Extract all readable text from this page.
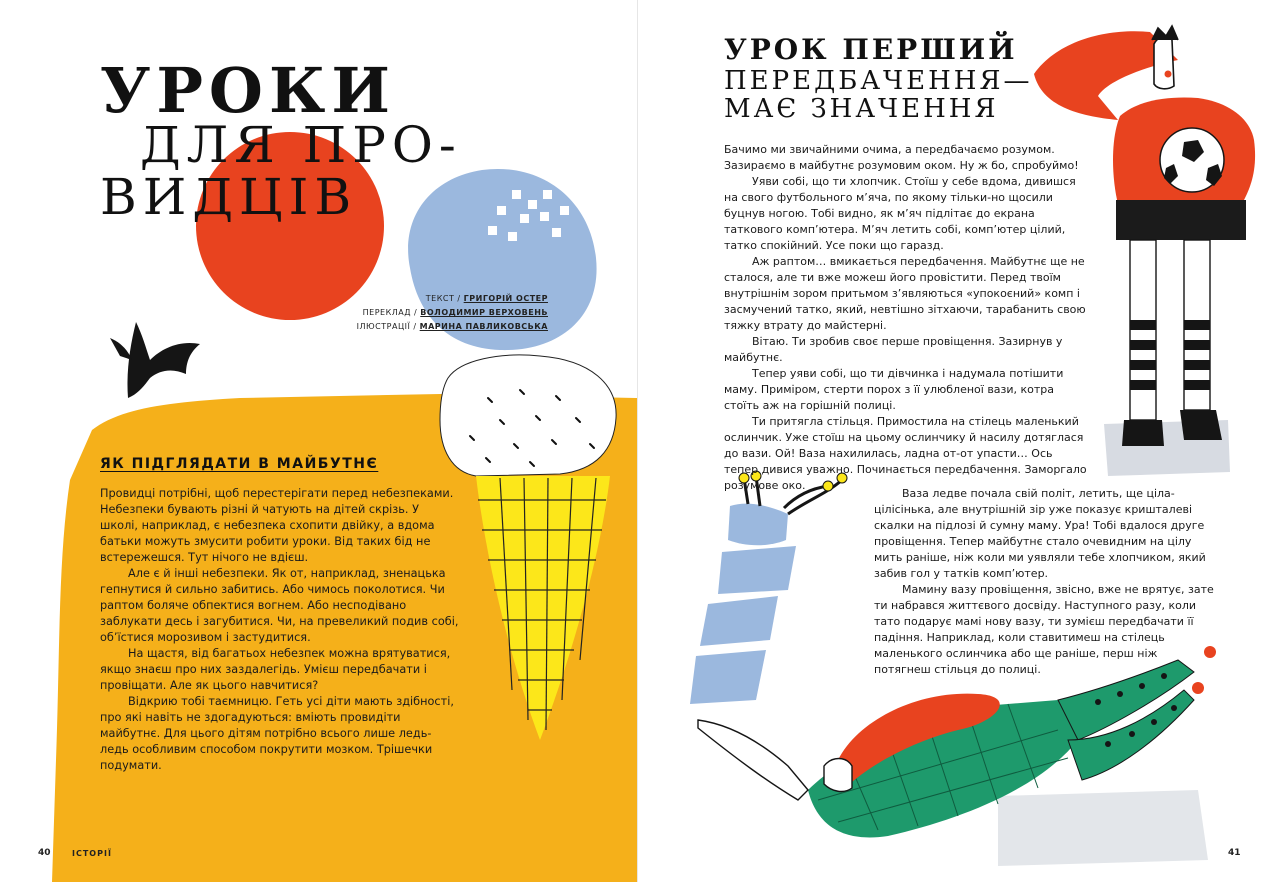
УРОКИ
ДЛЯ ПРО-
ВИДЦІВ
ТЕКСТ / ГРИГОРІЙ ОСТЕР
ПЕРЕКЛАД / ВОЛОДИМИР ВЕРХОВЕНЬ
ІЛЮСТРАЦІЇ / МАРИНА ПАВЛИКОВСЬКА
ЯК ПІДГЛЯДАТИ В МАЙБУТНЄ

Провидці потрібні, щоб перестерігати перед небезпеками. Небезпеки бувають різні й чатують на дітей скрізь. У школі, наприклад, є небезпека схопити двійку, а вдома батьки можуть змусити робити уроки. Від таких бід не встережешся. Тут нічого не вдієш.

Але є й інші небезпеки. Як от, наприклад, зненацька гепнутися й сильно забитись. Або чимось поколотися. Чи раптом боляче обпектися вогнем. Або несподівано заблукати десь і загубитися. Чи, на превеликий подив собі, об’їстися морозивом і застудитися.

На щастя, від багатьох небезпек можна врятуватися, якщо знаєш про них заздалегідь. Умієш передбачати і провіщати. Але як цього навчитися?

Відкрию тобі таємницю. Геть усі діти мають здібності, про які навіть не здогадуються: вміють провидіти майбутнє. Для цього дітям потрібно всього лише ледь-ледь особливим способом покрутити мозком. Трішечки подумати.

40	ІСТОРІЇ
УРОК ПЕРШИЙ
ПЕРЕДБАЧЕННЯ—
МАЄ ЗНАЧЕННЯ

Бачимо ми звичайними очима, а передбачаємо розумом. Зазираємо в майбутнє розумовим оком. Ну ж бо, спробуймо!

Уяви собі, що ти хлопчик. Стоїш у себе вдома, дивишся на свого футбольного м’яча, по якому тільки-но щосили буцнув ногою. Тобі видно, як м’яч підлітає до екрана таткового комп’ютера. М’яч летить собі, комп’ютер цілий, татко спокійний. Усе поки що гаразд.

Аж раптом… вмикається передбачення. Майбутнє ще не сталося, але ти вже можеш його провістити. Перед твоїм внутрішнім зором притьмом з’являються «упокоєний» комп і засмучений татко, який, невтішно зітхаючи, тарабанить свою тяжку втрату до майстерні.

Вітаю. Ти зробив своє перше провіщення. Зазирнув у майбутнє.

Тепер уяви собі, що ти дівчинка і надумала потішити маму. Приміром, стерти порох з її улюбленої вази, котра стоїть аж на горішній полиці.

Ти притягла стільця. Примостила на стілець маленький ослинчик. Уже стоїш на цьому ослинчику й насилу дотяглася до вази. Ой! Ваза нахилилась, ладна от-от упасти… Ось тепер дивися уважно. Починається передбачення. Заморгало розумове око.

Ваза ледве почала свій політ, летить, ще ціла-цілісінька, але внутрішній зір уже показує кришталеві скалки на підлозі й сумну маму. Ура! Тобі вдалося друге провіщення. Тепер майбутнє стало очевидним на цілу мить раніше, ніж коли ми уявляли тебе хлопчиком, який забив гол у татків комп’ютер.

Мамину вазу провіщення, звісно, вже не врятує, зате ти набрався життєвого досвіду. Наступного разу, коли тато подарує мамі нову вазу, ти зумієш передбачати її падіння. Наприклад, коли ставитимеш на стілець маленького ослинчика або ще раніше, перш ніж потягнеш стільця до полиці.

41
